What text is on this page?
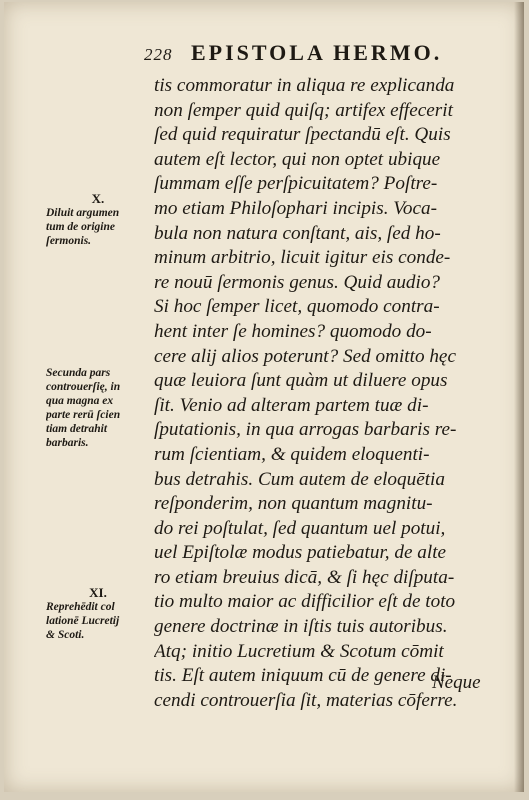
228 EPISTOLA HERMO.
tis commoratur in aliqua re explicanda
non ſemper quid quiſq; artifex effecerit
ſed quid requiratur ſpectandū eſt. Quis
autem eſt lector, qui non optet ubique
ſummam eſſe perſpicuitatem? Poſtre-
mo etiam Philoſophari incipis. Voca-
bula non natura conſtant, ais, ſed ho-
minum arbitrio, licuit igitur eis conde-
re nouū ſermonis genus. Quid audio?
Si hoc ſemper licet, quomodo contra-
hent inter ſe homines? quomodo do-
cere alij alios poterunt? Sed omitto hęc
quæ leuiora ſunt quàm ut diluere opus
ſit. Venio ad alteram partem tuæ di-
ſputationis, in qua arrogas barbaris re-
rum ſcientiam, & quidem eloquenti-
bus detrahis. Cum autem de eloquētia
reſponderim, non quantum magnitu-
do rei poſtulat, ſed quantum uel potui,
uel Epiſtolæ modus patiebatur, de alte
ro etiam breuius dicā, & ſi hęc diſputa-
tio multo maior ac difficilior eſt de toto
genere doctrinæ in iſtis tuis autoribus.
Atq; initio Lucretium & Scotum cōmit
tis. Eſt autem iniquum cū de genere di-
cendi controuerſia ſit, materias cōferre.
Neque
X.
Diluit argumen
tum de origine
ſermonis.
Secunda pars
controuerſię, in
qua magna ex
parte rerū ſcien
tiam detrahit
barbaris.
XI.
Reprehēdit col
lationē Lucretij
& Scoti.
